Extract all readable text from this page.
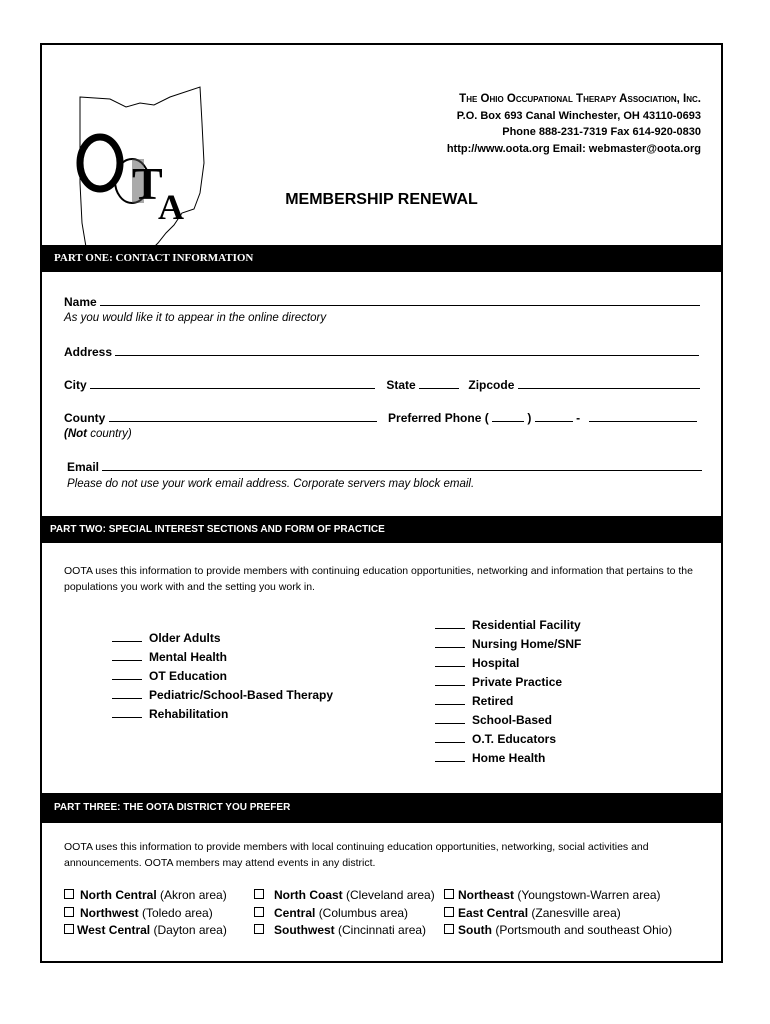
T
A
The Ohio Occupational Therapy Association, Inc.
P.O. Box 693 Canal Winchester, OH 43110-0693
Phone 888-231-7319 Fax 614-920-0830
http://www.oota.org Email: webmaster@oota.org
MEMBERSHIP RENEWAL
PART ONE: CONTACT INFORMATION
Name
As you would like it to appear in the online directory
Address
City	State	Zipcode
County	Preferred Phone (	)	-
(Not country)
Email
Please do not use your work email address. Corporate servers may block email.
PART TWO: SPECIAL INTEREST SECTIONS AND FORM OF PRACTICE
OOTA uses this information to provide members with continuing education opportunities, networking and information that pertains to the populations you work with and the setting you work in.
Older Adults
Mental Health
OT Education
Pediatric/School-Based Therapy
Rehabilitation
Residential Facility
Nursing Home/SNF
Hospital
Private Practice
Retired
School-Based
O.T. Educators
Home Health
PART THREE: THE OOTA DISTRICT YOU PREFER
OOTA uses this information to provide members with local continuing education opportunities, networking, social activities and announcements. OOTA members may attend events in any district.
North Central (Akron area)	North Coast (Cleveland area)	Northeast (Youngstown-Warren area)
Northwest (Toledo area)	Central (Columbus area)	East Central (Zanesville area)
West Central (Dayton area)	Southwest (Cincinnati area)	South (Portsmouth and southeast Ohio)
